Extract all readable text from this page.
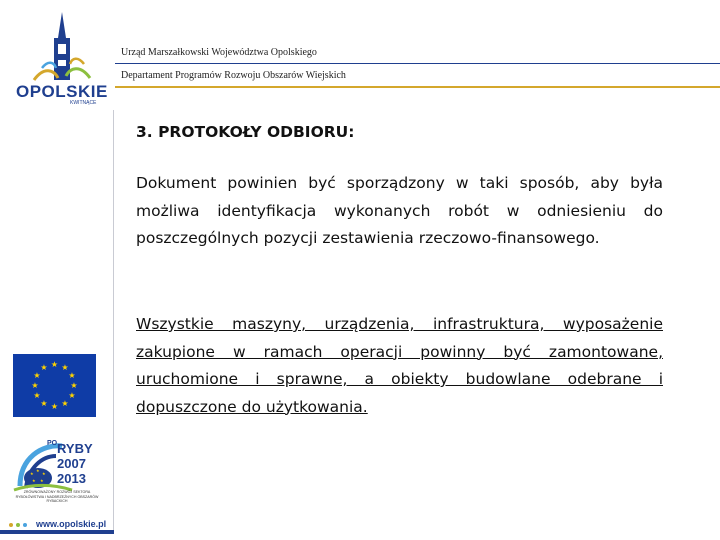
OPOLSKIE
KWITNĄCE
Urząd Marszałkowski Województwa Opolskiego
Departament Programów Rozwoju Obszarów Wiejskich
3. PROTOKOŁY ODBIORU:
Dokument powinien być sporządzony w taki sposób, aby była możliwa identyfikacja wykonanych robót w odniesieniu do poszczególnych pozycji zestawienia rzeczowo-finansowego.
Wszystkie maszyny, urządzenia, infrastruktura, wyposażenie zakupione w ramach operacji powinny być zamontowane, uruchomione i sprawne, a obiekty budowlane odebrane i dopuszczone do użytkowania.
★ ★
★
★
★
★
★
★
★
★
★
★
★
★
★
★ ★
PO RYBY
2007
2013
ZRÓWNOWAŻONY ROZWÓJ SEKTORA RYBOŁÓWSTWA I NADBRZEŻNYCH OBSZARÓW RYBACKICH
www.opolskie.pl
